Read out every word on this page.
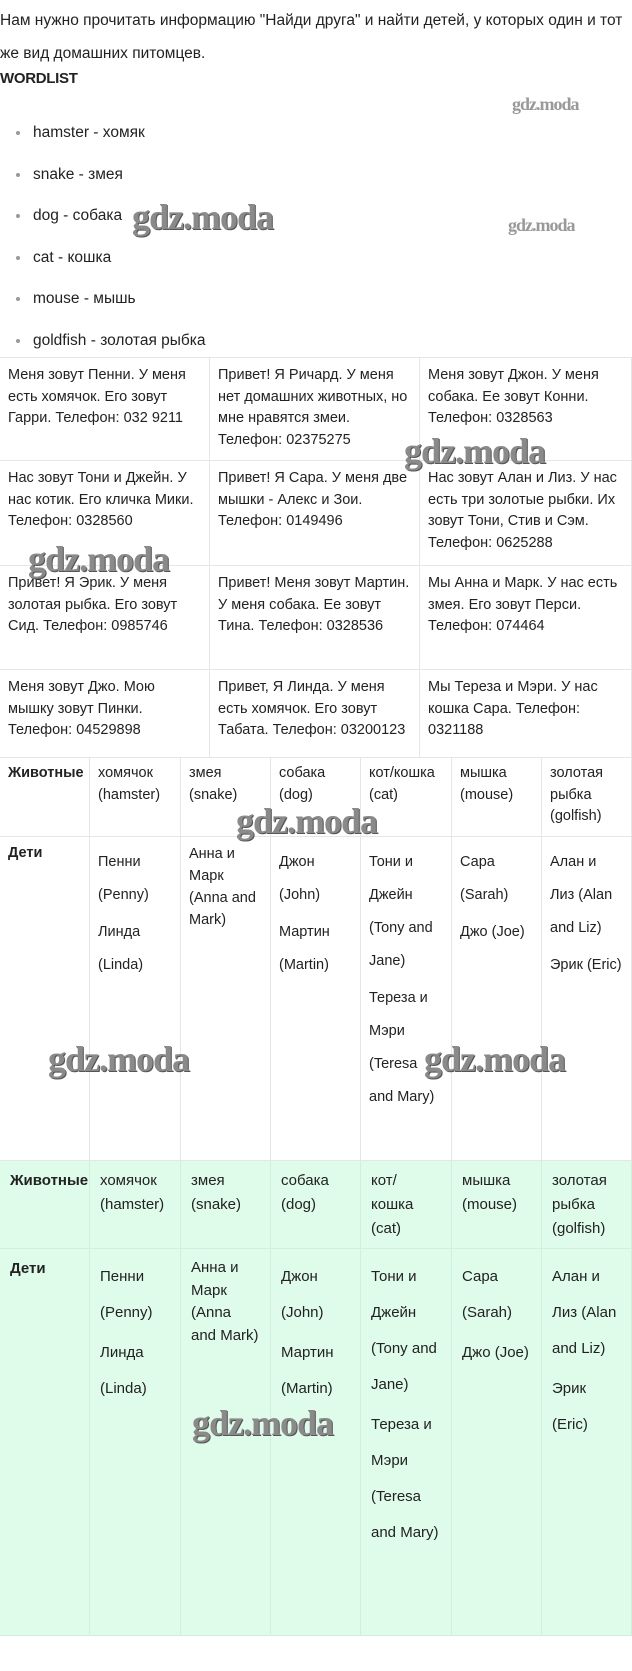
Нам нужно прочитать информацию "Найди друга" и найти детей, у которых один и тот же вид домашних питомцев.

WORDLIST
hamster - хомяк
snake - змея
dog - собака
cat - кошка
mouse - мышь
goldfish - золотая рыбка
Меня зовут Пенни. У меня есть хомячок. Его зовут Гарри. Телефон: 032 9211
Привет! Я Ричард. У меня нет домашних животных, но мне нравятся змеи. Телефон: 02375275
Меня зовут Джон. У меня собака. Ее зовут Конни. Телефон: 0328563
Нас зовут Тони и Джейн. У нас котик. Его кличка Мики. Телефон: 0328560
Привет! Я Сара. У меня две мышки - Алекс и Зои. Телефон: 0149496
Нас зовут Алан и Лиз. У нас есть три золотые рыбки. Их зовут Тони, Стив и Сэм. Телефон: 0625288
Привет! Я Эрик. У меня золотая рыбка. Его зовут Сид. Телефон: 0985746
Привет! Меня зовут Мартин. У меня собака. Ее зовут Тина. Телефон: 0328536
Мы Анна и Марк. У нас есть змея. Его зовут Перси. Телефон: 074464
Меня зовут Джо. Мою мышку зовут Пинки. Телефон: 04529898
Привет, Я Линда. У меня есть хомячок. Его зовут Табата. Телефон: 03200123
Мы Тереза и Мэри. У нас кошка Сара. Телефон: 0321188
Животные хомячок (hamster)
змея (snake)
собака (dog)
кот/кошка (cat)
мышка (mouse)
золотая рыбка (golfish)
Дети
Пенни (Penny)
Линда (Linda)
Анна и Марк (Anna and Mark)
Джон (John)
Мартин (Martin)
Тони и Джейн (Tony and Jane)
Тереза и Мэри (Teresa and Mary)
Сара (Sarah)
Джо (Joe)
Алан и Лиз (Alan and Liz)
Эрик (Eric)
Животные хомячок (hamster)
змея (snake)
собака (dog)
кот/ кошка (cat)
мышка (mouse)
золотая рыбка (golfish)
Дети	Пенни (Penny)
Линда (Linda)
Анна и Марк (Anna and Mark)
Джон (John)
Мартин (Martin)
Тони и Джейн (Tony and Jane)
Тереза и Мэри (Teresa and Mary)
Сара (Sarah)
Джо (Joe)
Алан и Лиз (Alan and Liz)
Эрик (Eric)
gdz.moda
gdz.moda
gdz.moda
gdz.moda
gdz.moda
gdz.moda
gdz.moda	gdz.moda
gdz.moda
